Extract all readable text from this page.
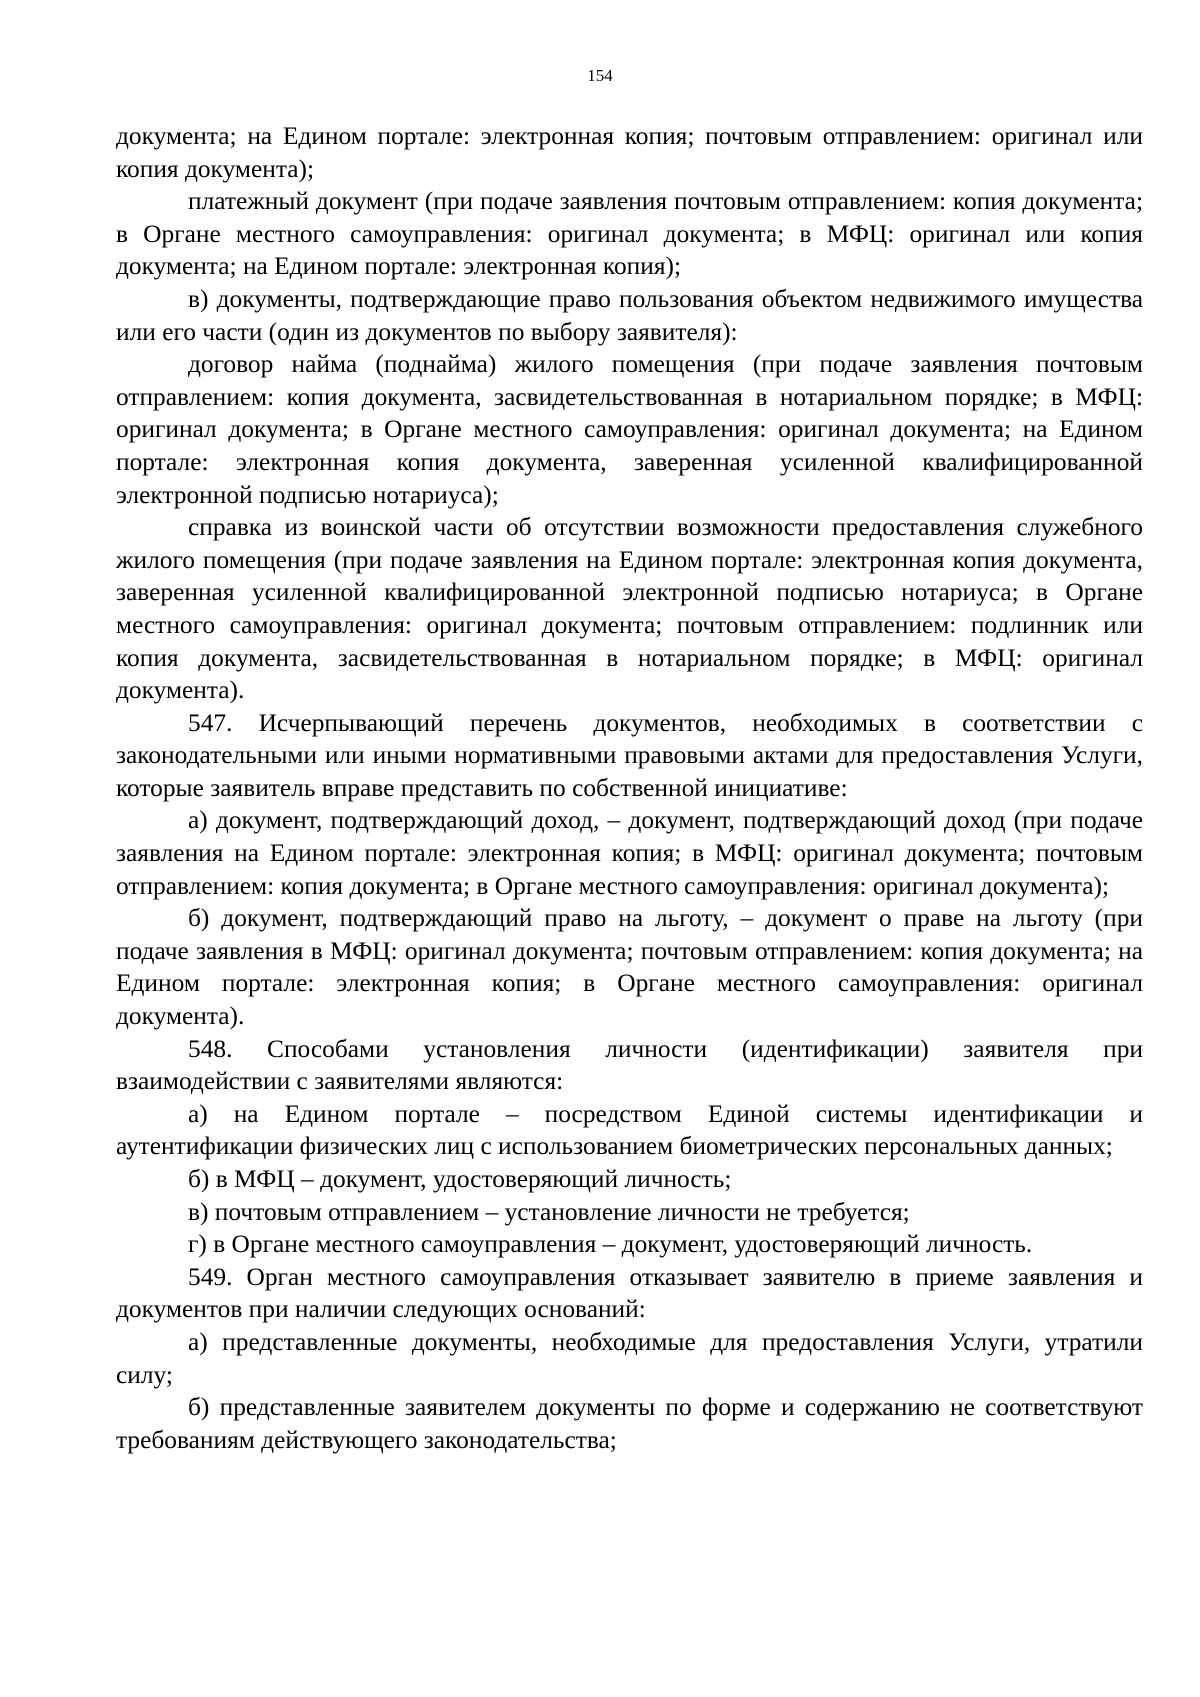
154

документа; на Едином портале: электронная копия; почтовым отправлением: оригинал или копия документа);

платежный документ (при подаче заявления почтовым отправлением: копия документа; в Органе местного самоуправления: оригинал документа; в МФЦ: оригинал или копия документа; на Едином портале: электронная копия);

в) документы, подтверждающие право пользования объектом недвижимого имущества или его части (один из документов по выбору заявителя):

договор найма (поднайма) жилого помещения (при подаче заявления почтовым отправлением: копия документа, засвидетельствованная в нотариальном порядке; в МФЦ: оригинал документа; в Органе местного самоуправления: оригинал документа; на Едином портале: электронная копия документа, заверенная усиленной квалифицированной электронной подписью нотариуса);

справка из воинской части об отсутствии возможности предоставления служебного жилого помещения (при подаче заявления на Едином портале: электронная копия документа, заверенная усиленной квалифицированной электронной подписью нотариуса; в Органе местного самоуправления: оригинал документа; почтовым отправлением: подлинник или копия документа, засвидетельствованная в нотариальном порядке; в МФЦ: оригинал документа).

547. Исчерпывающий перечень документов, необходимых в соответствии с законодательными или иными нормативными правовыми актами для предоставления Услуги, которые заявитель вправе представить по собственной инициативе:

а) документ, подтверждающий доход, – документ, подтверждающий доход (при подаче заявления на Едином портале: электронная копия; в МФЦ: оригинал документа; почтовым отправлением: копия документа; в Органе местного самоуправления: оригинал документа);

б) документ, подтверждающий право на льготу, – документ о праве на льготу (при подаче заявления в МФЦ: оригинал документа; почтовым отправлением: копия документа; на Едином портале: электронная копия; в Органе местного самоуправления: оригинал документа).

548. Способами установления личности (идентификации) заявителя при взаимодействии с заявителями являются:

а) на Едином портале – посредством Единой системы идентификации и аутентификации физических лиц с использованием биометрических персональных данных;

б) в МФЦ – документ, удостоверяющий личность;

в) почтовым отправлением – установление личности не требуется;

г) в Органе местного самоуправления – документ, удостоверяющий личность.

549. Орган местного самоуправления отказывает заявителю в приеме заявления и документов при наличии следующих оснований:

а) представленные документы, необходимые для предоставления Услуги, утратили силу;

б) представленные заявителем документы по форме и содержанию не соответствуют требованиям действующего законодательства;
